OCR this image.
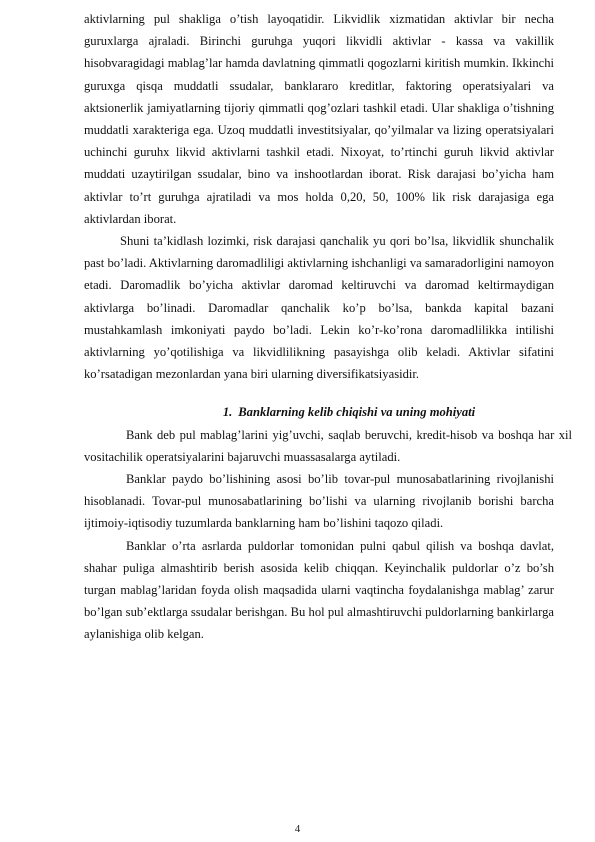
aktivlarning pul shakliga o’tish layoqatidir. Likvidlik xizmatidan aktivlar bir necha guruxlarga ajraladi. Birinchi guruhga yuqori likvidli aktivlar - kassa va vakillik hisobvaragidagi mablag’lar hamda davlatning qimmatli qogozlarni kiritish mumkin. Ikkinchi guruxga qisqa muddatli ssudalar, banklararo kreditlar, faktoring operatsiyalari va aktsionerlik jamiyatlarning tijoriy qimmatli qog’ozlari tashkil etadi. Ular shakliga o’tishning muddatli xarakteriga ega. Uzoq muddatli investitsiyalar, qo’yilmalar va lizing operatsiyalari uchinchi guruhx likvid aktivlarni tashkil etadi. Nixoyat, to’rtinchi guruh likvid aktivlar muddati uzaytirilgan ssudalar, bino va inshootlardan iborat. Risk darajasi bo’yicha ham aktivlar to’rt guruhga ajratiladi va mos holda 0,20, 50, 100% lik risk darajasiga ega aktivlardan iborat.

Shuni ta’kidlash lozimki, risk darajasi qanchalik yu qori bo’lsa, likvidlik shunchalik past bo’ladi. Aktivlarning daromadliligi aktivlarning ishchanligi va samaradorligini namoyon etadi. Daromadlik bo’yicha aktivlar daromad keltiruvchi va daromad keltirmaydigan aktivlarga bo’linadi. Daromadlar qanchalik ko’p bo’lsa, bankda kapital bazani mustahkamlash imkoniyati paydo bo’ladi. Lekin ko’r-ko’rona daromadlilikka intilishi aktivlarning yo’qotilishiga va likvidlilikning pasayishga olib keladi. Aktivlar sifatini ko’rsatadigan mezonlardan yana biri ularning diversifikatsiyasidir.

1. Banklarning kelib chiqishi va uning mohiyati

Bank deb pul mablag’larini yig’uvchi, saqlab beruvchi, kredit-hisob va boshqa har xil vositachilik operatsiyalarini bajaruvchi muassasalarga aytiladi.

Banklar paydo bo’lishining asosi bo’lib tovar-pul munosabatlarining rivojlanishi hisoblanadi. Tovar-pul munosabatlarining bo’lishi va ularning rivojlanib borishi barcha ijtimoiy-iqtisodiy tuzumlarda banklarning ham bo’lishini taqozo qiladi.

Banklar o’rta asrlarda puldorlar tomonidan pulni qabul qilish va boshqa davlat, shahar puliga almashtirib berish asosida kelib chiqqan. Keyinchalik puldorlar o’z bo’sh turgan mablag’laridan foyda olish maqsadida ularni vaqtincha foydalanishga mablag’ zarur bo’lgan sub’ektlarga ssudalar berishgan. Bu hol pul almashtiruvchi puldorlarning bankirlarga aylanishiga olib kelgan.

4
